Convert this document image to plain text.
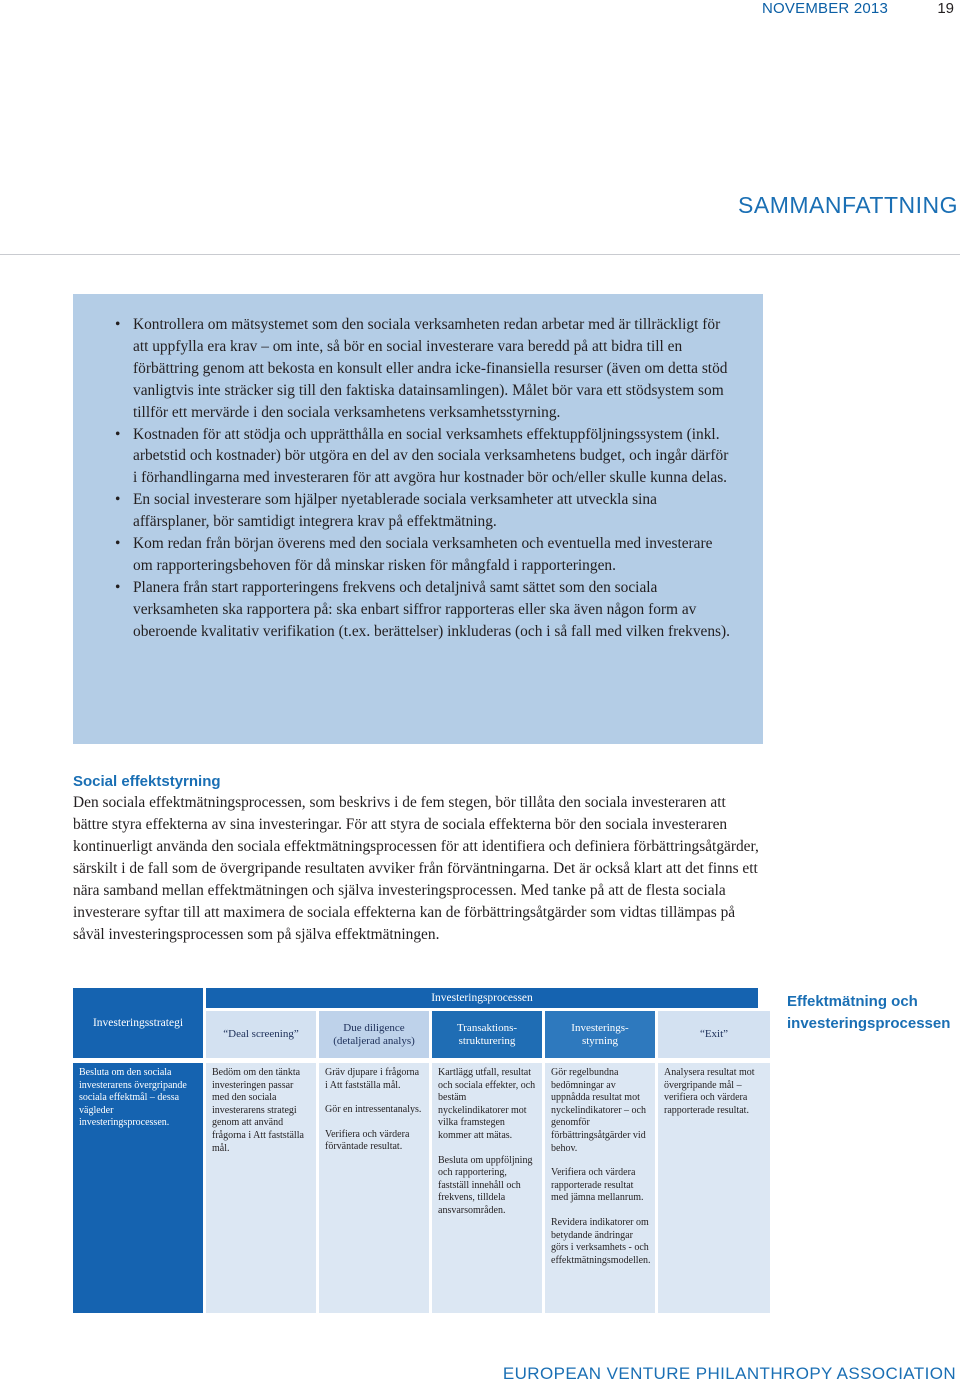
NOVEMBER 2013	19
SAMMANFATTNING
• Kontrollera om mätsystemet som den sociala verksamheten redan arbetar med är tillräckligt för att uppfylla era krav – om inte, så bör en social investerare vara beredd på att bidra till en förbättring genom att bekosta en konsult eller andra icke-finansiella resurser (även om detta stöd vanligtvis inte sträcker sig till den faktiska datainsamlingen). Målet bör vara ett stödsystem som tillför ett mervärde i den sociala verksamhetens verksamhetsstyrning.
• Kostnaden för att stödja och upprätthålla en social verksamhets effektuppföljningssystem (inkl. arbetstid och kostnader) bör utgöra en del av den sociala verksamhetens budget, och ingår därför i förhandlingarna med investeraren för att avgöra hur kostnader bör och/eller skulle kunna delas.
• En social investerare som hjälper nyetablerade sociala verksamheter att utveckla sina affärsplaner, bör samtidigt integrera krav på effektmätning.
• Kom redan från början överens med den sociala verksamheten och eventuella med investerare om rapporteringsbehoven för då minskar risken för mångfald i rapporteringen.
• Planera från start rapporteringens frekvens och detaljnivå samt sättet som den sociala verksamheten ska rapportera på: ska enbart siffror rapporteras eller ska även någon form av oberoende kvalitativ verifikation (t.ex. berättelser) inkluderas (och i så fall med vilken frekvens).
Social effektstyrning

Den sociala effektmätningsprocessen, som beskrivs i de fem stegen, bör tillåta den sociala investeraren att bättre styra effekterna av sina investeringar. För att styra de sociala effekterna bör den sociala investeraren kontinuerligt använda den sociala effektmätningsprocessen för att identifiera och definiera förbättringsåtgärder, särskilt i de fall som de övergripande resultaten avviker från förväntningarna. Det är också klart att det finns ett nära samband mellan effektmätningen och själva investeringsprocessen. Med tanke på att de flesta sociala investerare syftar till att maximera de sociala effekterna kan de förbättringsåtgärder som vidtas tillämpas på såväl investeringsprocessen som på själva effektmätningen.

Investeringsstrategi
Investeringsprocessen
“Deal screening”
Due diligence
(detaljerad analys)
Transaktions-
strukturering
Investerings-
styrning
“Exit”
Effektmätning och investeringsprocessen

Besluta om den sociala investerarens övergripande sociala effektmål – dessa vägleder investeringsprocessen.

Bedöm om den tänkta investeringen passar med den sociala investerarens strategi genom att använd frågorna i Att fastställa mål.

Gräv djupare i frågorna i Att fastställa mål.

Gör en intressentanalys.

Verifiera och värdera förväntade resultat.

Kartlägg utfall, resultat och sociala effekter, och bestäm nyckelindikatorer mot vilka framstegen kommer att mätas.

Besluta om uppföljning och rapportering, fastställ innehåll och frekvens, tilldela ansvarsområden.

Gör regelbundna bedömningar av uppnådda resultat mot nyckelindikatorer – och genomför förbättringsåtgärder vid behov.

Verifiera och värdera rapporterade resultat med jämna mellanrum.

Revidera indikatorer om betydande ändringar görs i verksamhets - och effektmätningsmodellen.

Analysera resultat mot övergripande mål – verifiera och värdera rapporterade resultat.

EUROPEAN VENTURE PHILANTHROPY ASSOCIATION
